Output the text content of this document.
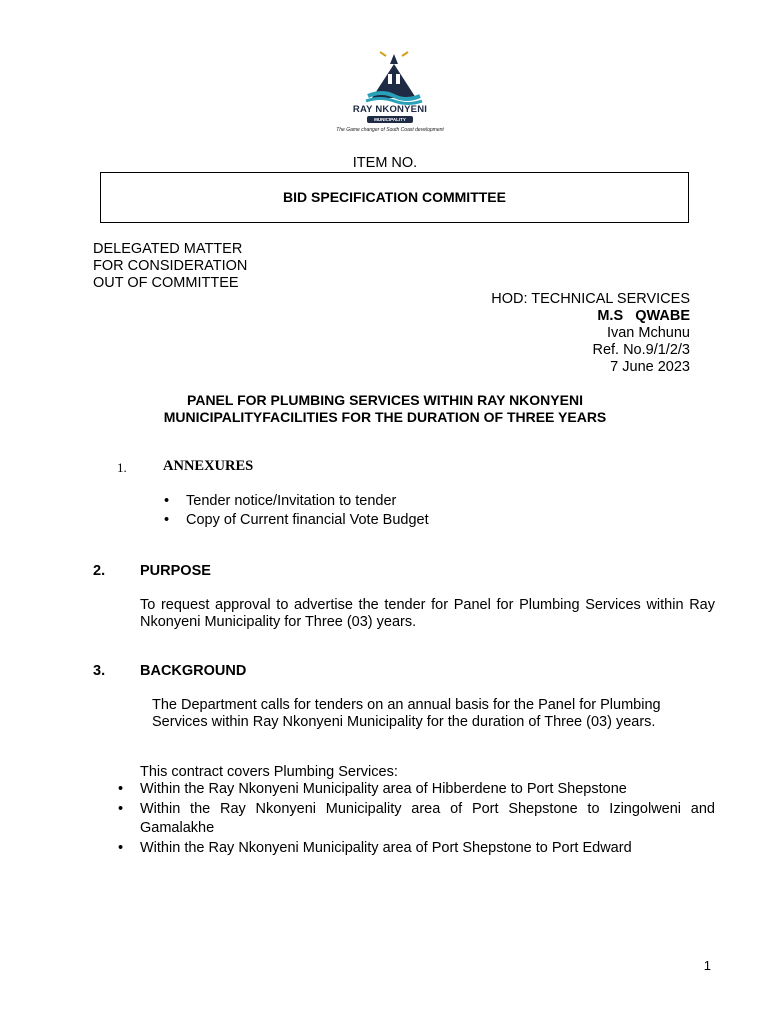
RAY NKONYENI
MUNICIPALITY
The Game changer of South Coast development
ITEM NO.
BID SPECIFICATION COMMITTEE
DELEGATED MATTER
FOR CONSIDERATION
OUT OF COMMITTEE
HOD: TECHNICAL SERVICES
M.S   QWABE
Ivan Mchunu
Ref. No.9/1/2/3
7 June 2023
PANEL FOR PLUMBING SERVICES WITHIN RAY NKONYENI
MUNICIPALITYFACILITIES FOR THE DURATION OF THREE YEARS
1.	ANNEXURES
• Tender notice/Invitation to tender
• Copy of Current financial Vote Budget
2. PURPOSE
To request approval to advertise the tender for Panel for Plumbing Services within Ray Nkonyeni Municipality for Three (03) years.
3. BACKGROUND
The Department calls for tenders on an annual basis for the Panel for Plumbing
Services within Ray Nkonyeni Municipality for the duration of Three (03) years.
This contract covers Plumbing Services:
• Within the Ray Nkonyeni Municipality area of Hibberdene to Port Shepstone
• Within the Ray Nkonyeni Municipality area of Port Shepstone to Izingolweni and Gamalakhe
• Within the Ray Nkonyeni Municipality area of Port Shepstone to Port Edward
1
